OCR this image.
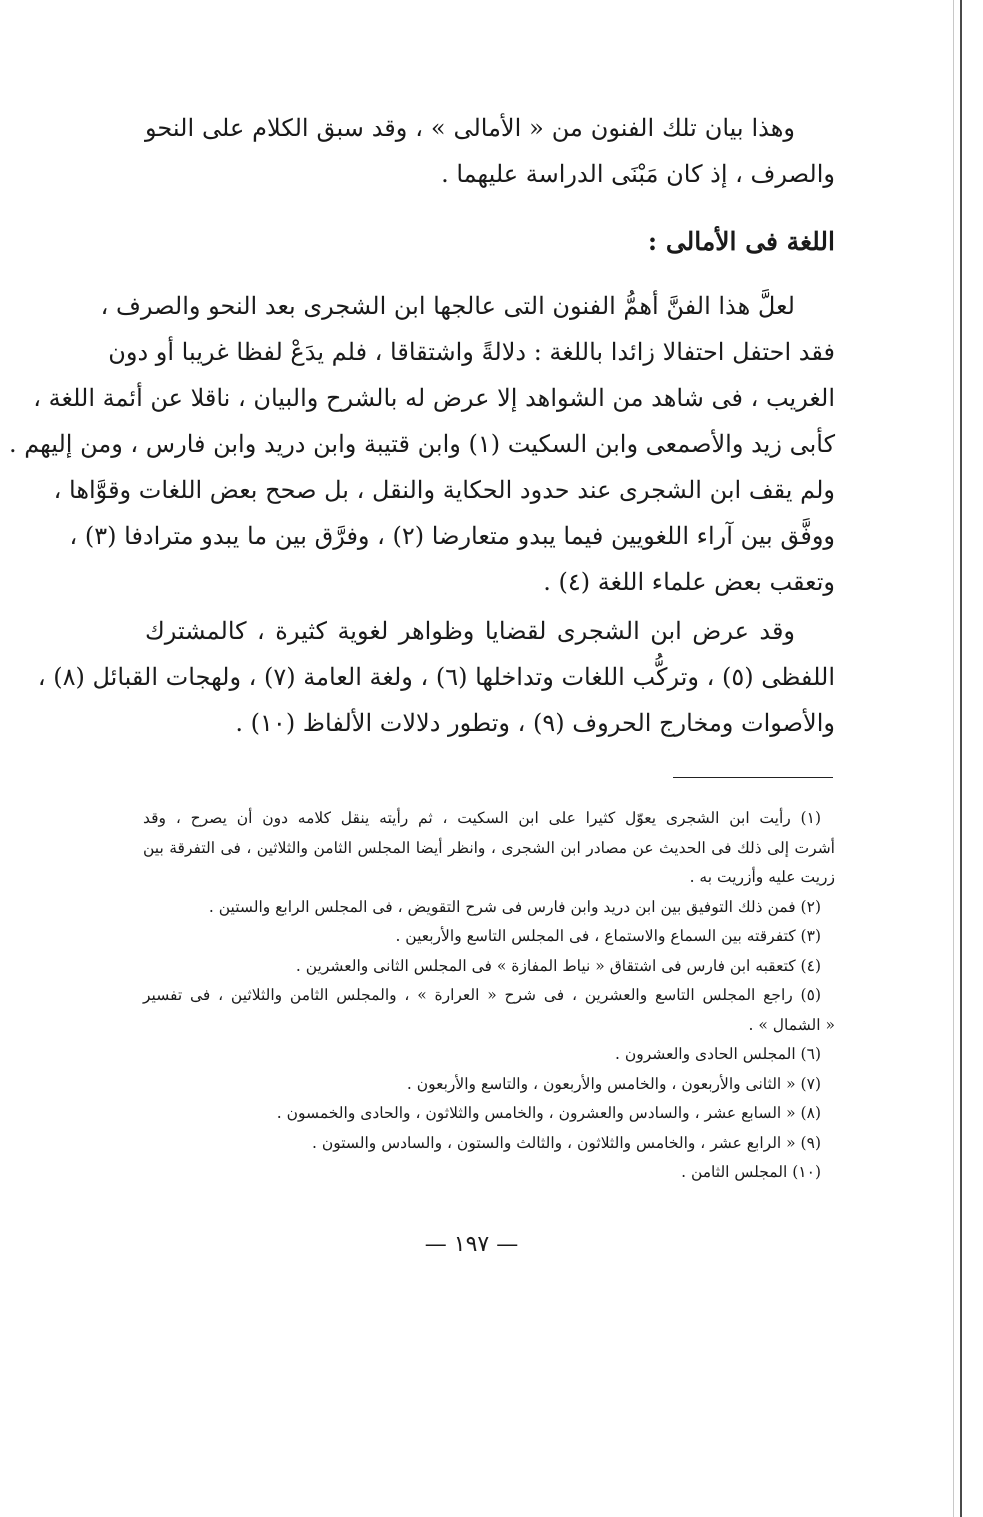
وهذا بيان تلك الفنون من « الأمالى » ، وقد سبق الكلام على النحو
والصرف ، إذ كان مَبْنَى الدراسة عليهما .
اللغة فى الأمالى :
لعلَّ هذا الفنَّ أهمُّ الفنون التى عالجها ابن الشجرى بعد النحو والصرف ،
فقد احتفل احتفالا زائدا باللغة : دلالةً واشتقاقا ، فلم يدَعْ لفظا غريبا أو دون
الغريب ، فى شاهد من الشواهد إلا عرض له بالشرح والبيان ، ناقلا عن أئمة اللغة ،
كأبى زيد والأصمعى وابن السكيت (١) وابن قتيبة وابن دريد وابن فارس ، ومن إليهم .
ولم يقف ابن الشجرى عند حدود الحكاية والنقل ، بل صحح بعض اللغات وقوَّاها ،
ووفَّق بين آراء اللغويين فيما يبدو متعارضا (٢) ، وفرَّق بين ما يبدو مترادفا (٣) ،
وتعقب بعض علماء اللغة (٤) .
وقد عرض ابن الشجرى لقضايا وظواهر لغوية كثيرة ، كالمشترك
اللفظى (٥) ، وتركُّب اللغات وتداخلها (٦) ، ولغة العامة (٧) ، ولهجات القبائل (٨) ،
والأصوات ومخارج الحروف (٩) ، وتطور دلالات الألفاظ (١٠) .
(١) رأيت ابن الشجرى يعوّل كثيرا على ابن السكيت ، ثم رأيته ينقل كلامه دون أن يصرح ، وقد
أشرت إلى ذلك فى الحديث عن مصادر ابن الشجرى ، وانظر أيضا المجلس الثامن والثلاثين ، فى التفرقة بين
زريت عليه وأزريت به .
(٢) فمن ذلك التوفيق بين ابن دريد وابن فارس فى شرح التقويض ، فى المجلس الرابع والستين .
(٣) كتفرقته بين السماع والاستماع ، فى المجلس التاسع والأربعين .
(٤) كتعقبه ابن فارس فى اشتقاق « نياط المفازة » فى المجلس الثانى والعشرين .
(٥) راجع المجلس التاسع والعشرين ، فى شرح « العرارة » ، والمجلس الثامن والثلاثين ، فى تفسير
« الشمال » .
(٦) المجلس الحادى والعشرون .
(٧) « الثانى والأربعون ، والخامس والأربعون ، والتاسع والأربعون .
(٨) « السابع عشر ، والسادس والعشرون ، والخامس والثلاثون ، والحادى والخمسون .
(٩) « الرابع عشر ، والخامس والثلاثون ، والثالث والستون ، والسادس والستون .
(١٠) المجلس الثامن .
— ١٩٧ —
